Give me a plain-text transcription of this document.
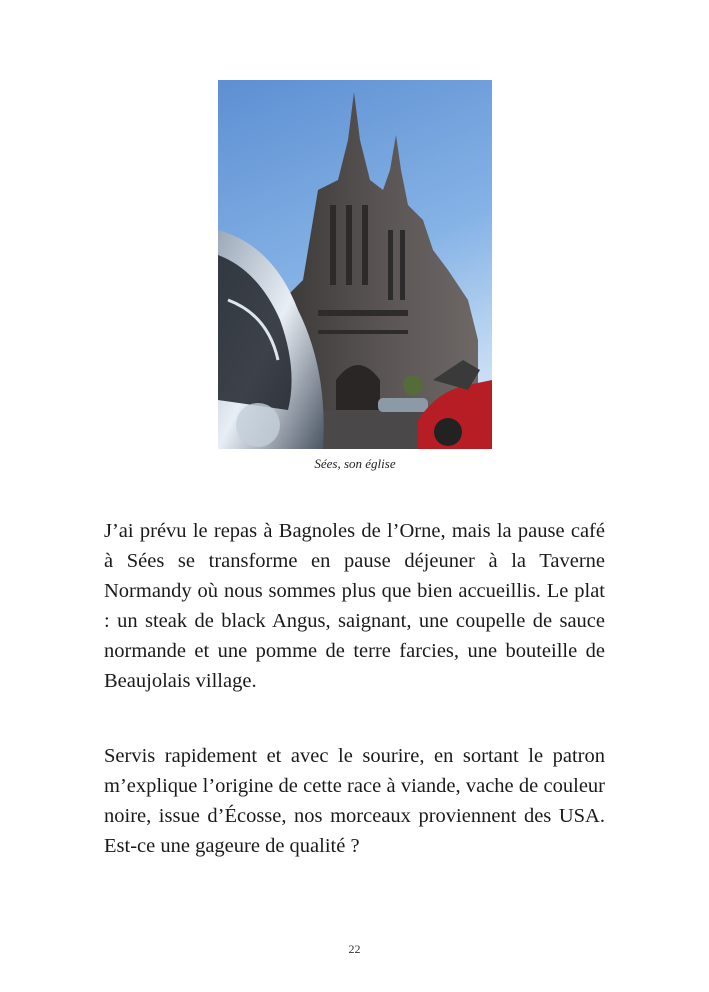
Sées, son église

J’ai prévu le repas à Bagnoles de l’Orne, mais la pause café à Sées se transforme en pause déjeuner à la Taverne Normandy où nous sommes plus que bien accueillis. Le plat : un steak de black Angus, saignant, une coupelle de sauce normande et une pomme de terre farcies, une bouteille de Beaujolais village.

Servis rapidement et avec le sourire, en sortant le patron m’explique l’origine de cette race à viande, vache de couleur noire, issue d’Écosse, nos morceaux proviennent des USA. Est-ce une gageure de qualité ?

22
